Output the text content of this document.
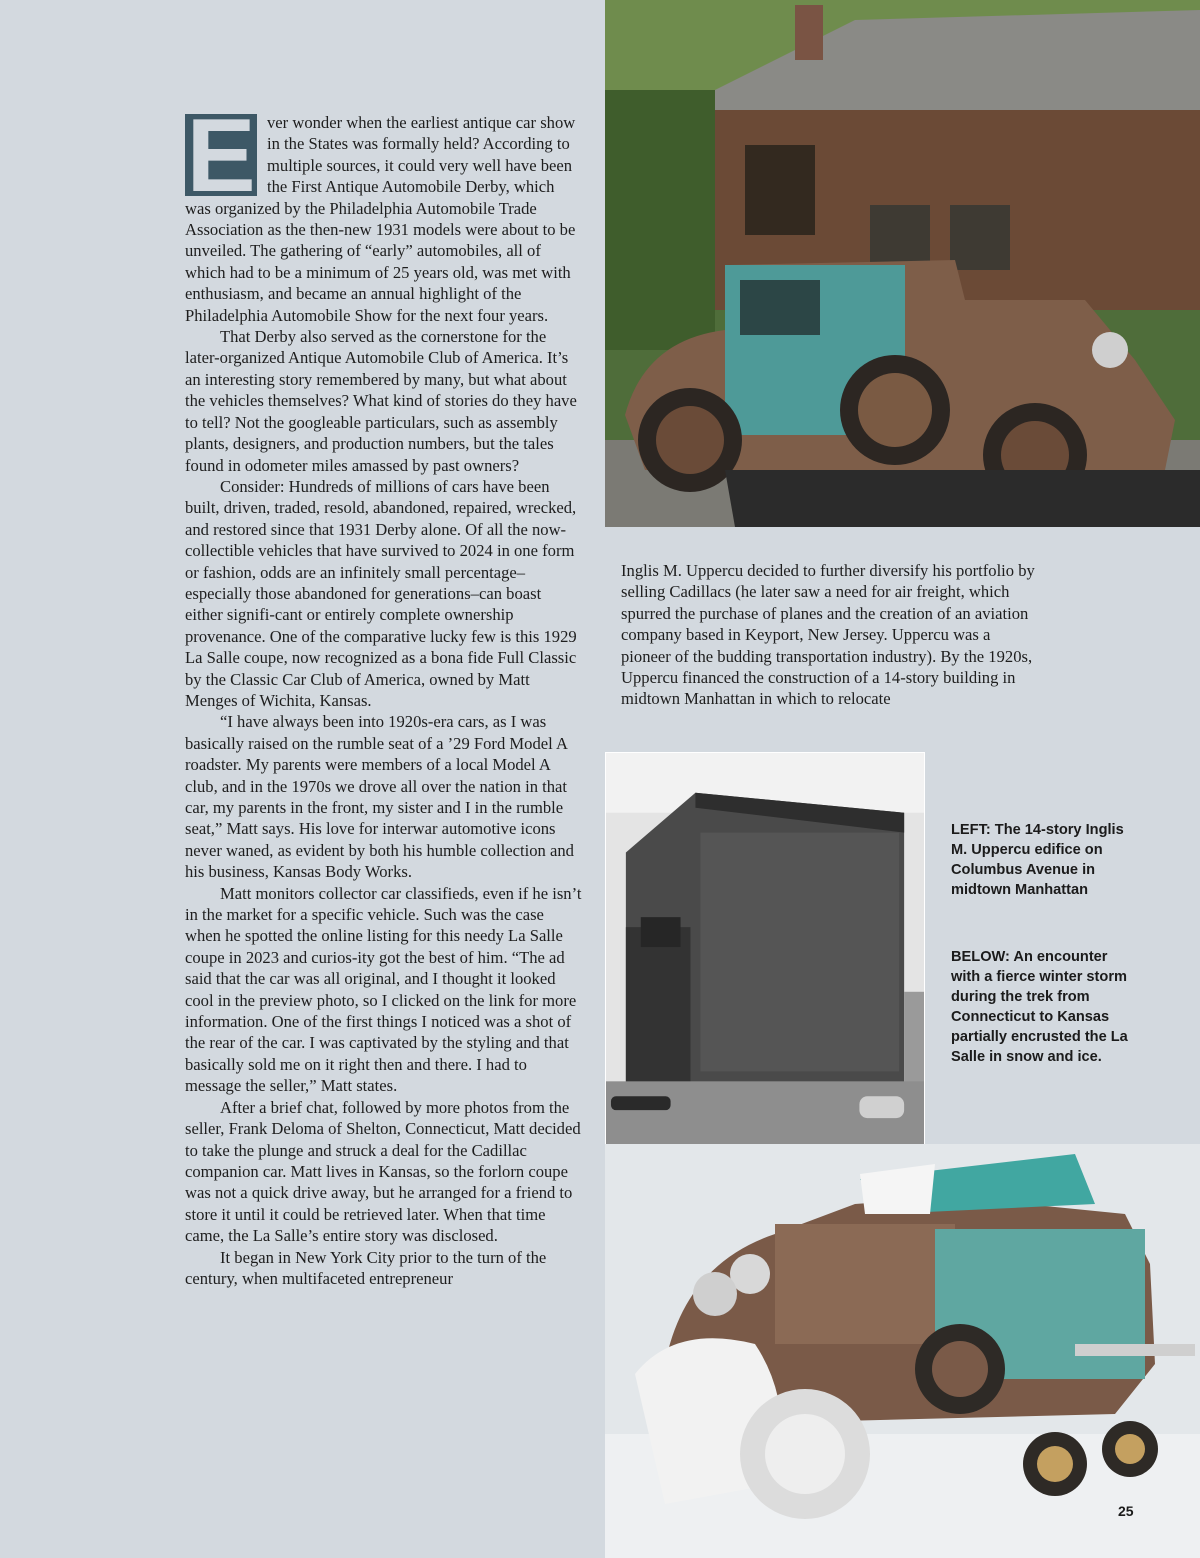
E ver wonder when the earliest antique car show in the States was formally held? According to multiple sources, it could very well have been the First Antique Automobile Derby, which was organized by the Philadelphia Automobile Trade Association as the then-new 1931 models were about to be unveiled. The gathering of “early” automobiles, all of which had to be a minimum of 25 years old, was met with enthusiasm, and became an annual highlight of the Philadelphia Automobile Show for the next four years.

That Derby also served as the cornerstone for the later-organized Antique Automobile Club of America. It’s an interesting story remembered by many, but what about the vehicles themselves? What kind of stories do they have to tell? Not the googleable particulars, such as assembly plants, designers, and production numbers, but the tales found in odometer miles amassed by past owners?

Consider: Hundreds of millions of cars have been built, driven, traded, resold, abandoned, repaired, wrecked, and restored since that 1931 Derby alone. Of all the now-collectible vehicles that have survived to 2024 in one form or fashion, odds are an infinitely small percentage–especially those abandoned for generations–can boast either signifi-cant or entirely complete ownership provenance. One of the comparative lucky few is this 1929 La Salle coupe, now recognized as a bona fide Full Classic by the Classic Car Club of America, owned by Matt Menges of Wichita, Kansas.

“I have always been into 1920s-era cars, as I was basically raised on the rumble seat of a ’29 Ford Model A roadster. My parents were members of a local Model A club, and in the 1970s we drove all over the nation in that car, my parents in the front, my sister and I in the rumble seat,” Matt says. His love for interwar automotive icons never waned, as evident by both his humble collection and his business, Kansas Body Works.

Matt monitors collector car classifieds, even if he isn’t in the market for a specific vehicle. Such was the case when he spotted the online listing for this needy La Salle coupe in 2023 and curios-ity got the best of him. “The ad said that the car was all original, and I thought it looked cool in the preview photo, so I clicked on the link for more information. One of the first things I noticed was a shot of the rear of the car. I was captivated by the styling and that basically sold me on it right then and there. I had to message the seller,” Matt states.

After a brief chat, followed by more photos from the seller, Frank Deloma of Shelton, Connecticut, Matt decided to take the plunge and struck a deal for the Cadillac companion car. Matt lives in Kansas, so the forlorn coupe was not a quick drive away, but he arranged for a friend to store it until it could be retrieved later. When that time came, the La Salle’s entire story was disclosed.

It began in New York City prior to the turn of the century, when multifaceted entrepreneur

Inglis M. Uppercu decided to further diversify his portfolio by selling Cadillacs (he later saw a need for air freight, which spurred the purchase of planes and the creation of an aviation company based in Keyport, New Jersey. Uppercu was a pioneer of the budding transportation industry). By the 1920s, Uppercu financed the construction of a 14-story building in midtown Manhattan in which to relocate

LEFT: The 14-story Inglis M. Uppercu edifice on Columbus Avenue in midtown Manhattan
BELOW: An encounter with a fierce winter storm during the trek from Connecticut to Kansas partially encrusted the La Salle in snow and ice.
25
